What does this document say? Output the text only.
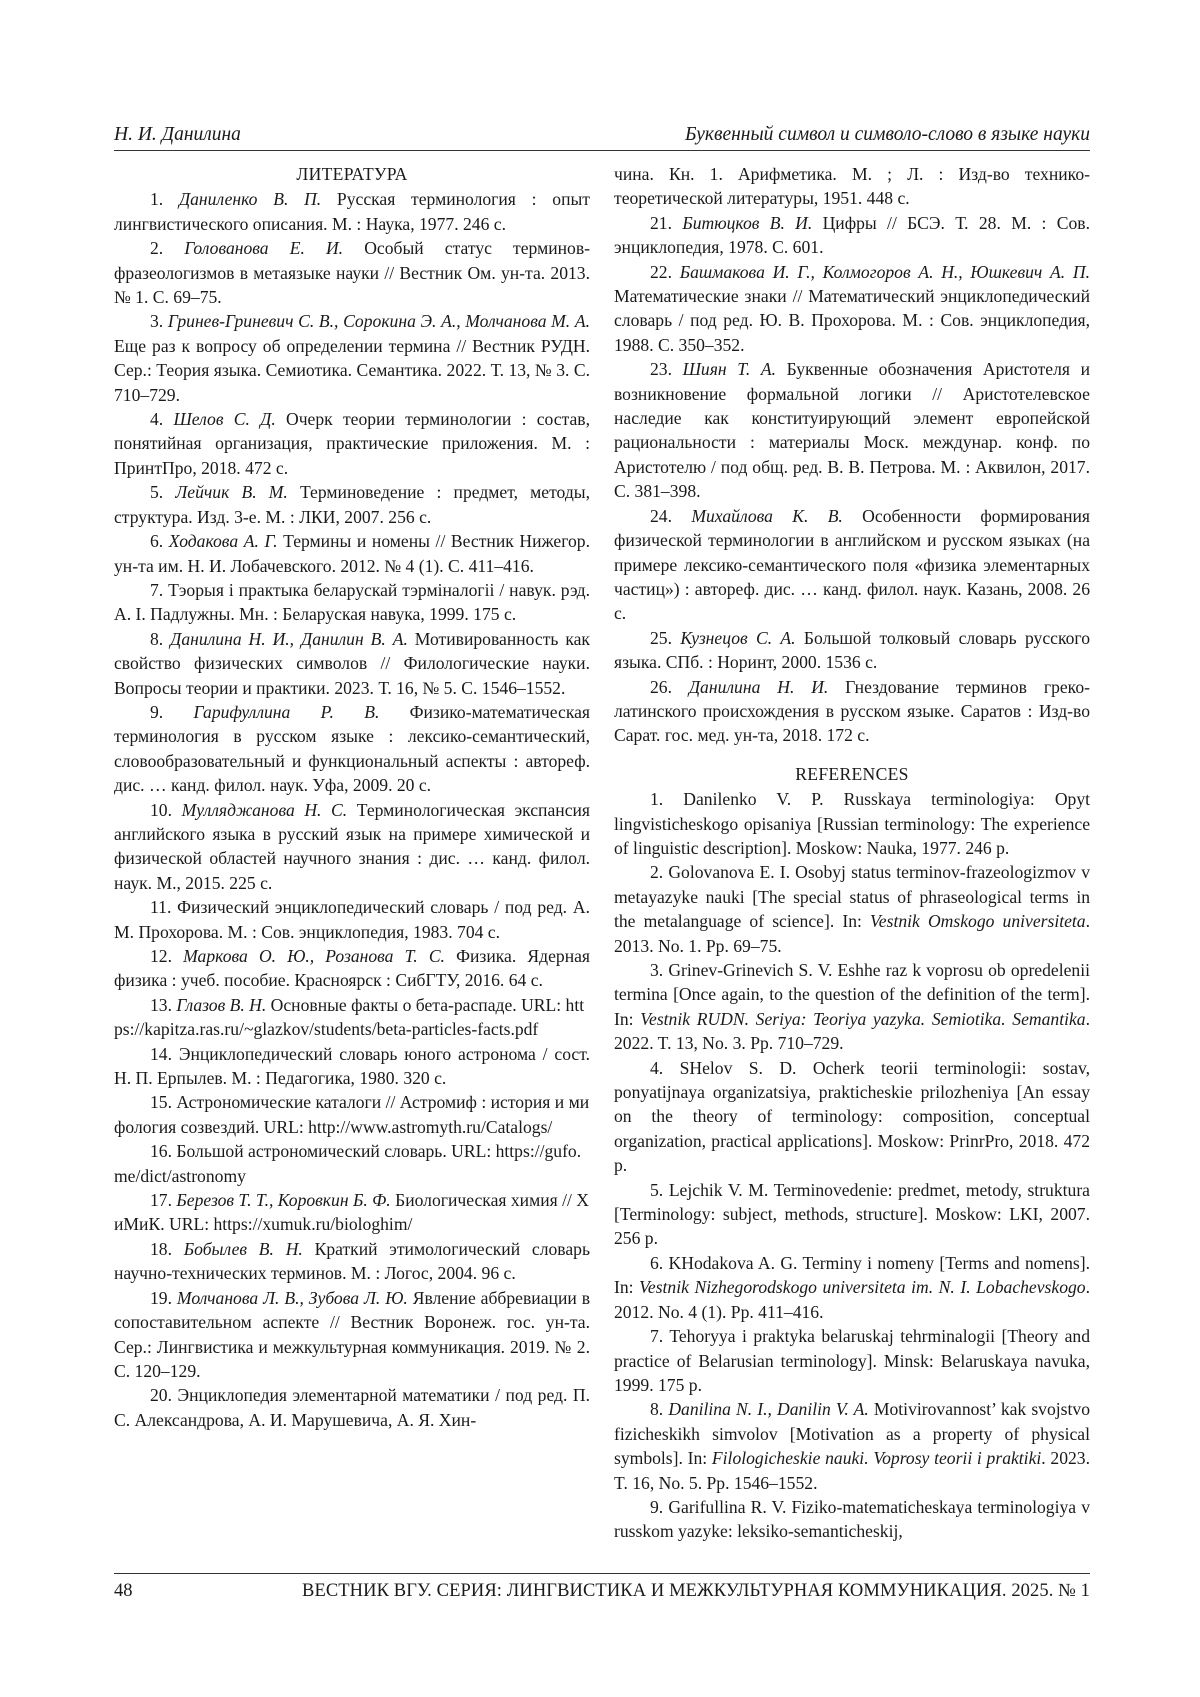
Н. И. Данилина	Буквенный символ и символо-слово в языке науки
ЛИТЕРАТУРА

1. Даниленко В. П. Русская терминология : опыт лингвистического описания. М. : Наука, 1977. 246 с.

2. Голованова Е. И. Особый статус терминов-фразеологизмов в метаязыке науки // Вестник Ом. ун-та. 2013. № 1. С. 69–75.

3. Гринев-Гриневич С. В., Сорокина Э. А., Молчанова М. А. Еще раз к вопросу об определении термина // Вестник РУДН. Сер.: Теория языка. Семиотика. Семантика. 2022. Т. 13, № 3. С. 710–729.

4. Шелов С. Д. Очерк теории терминологии : состав, понятийная организация, практические приложения. М. : ПринтПро, 2018. 472 с.

5. Лейчик В. М. Терминоведение : предмет, методы, структура. Изд. 3-е. М. : ЛКИ, 2007. 256 с.

6. Ходакова А. Г. Термины и номены // Вестник Нижегор. ун-та им. Н. И. Лобачевского. 2012. № 4 (1). С. 411–416.

7. Тэорыя і практыка беларускай тэрміналогіі / навук. рэд. А. І. Падлужны. Мн. : Беларуская навука, 1999. 175 с.

8. Данилина Н. И., Данилин В. А. Мотивированность как свойство физических символов // Филологические науки. Вопросы теории и практики. 2023. Т. 16, № 5. С. 1546–1552.

9. Гарифуллина Р. В. Физико-математическая терминология в русском языке : лексико-семантический, словообразовательный и функциональный аспекты : автореф. дис. … канд. филол. наук. Уфа, 2009. 20 с.

10. Мулляджанова Н. С. Терминологическая экспансия английского языка в русский язык на примере химической и физической областей научного знания : дис. … канд. филол. наук. М., 2015. 225 с.

11. Физический энциклопедический словарь / под ред. А. М. Прохорова. М. : Сов. энциклопедия, 1983. 704 с.

12. Маркова О. Ю., Розанова Т. С. Физика. Ядерная физика : учеб. пособие. Красноярск : СибГТУ, 2016. 64 с.

13. Глазов В. Н. Основные факты о бета-распаде. URL: https://kapitza.ras.ru/~glazkov/students/beta-particles-facts.pdf

14. Энциклопедический словарь юного астронома / сост. Н. П. Ерпылев. М. : Педагогика, 1980. 320 с.

15. Астрономические каталоги // Астромиф : история и мифология созвездий. URL: http://www.astromyth.ru/Catalogs/

16. Большой астрономический словарь. URL: https://gufo.me/dict/astronomy

17. Березов Т. Т., Коровкин Б. Ф. Биологическая химия // ХиМиК. URL: https://xumuk.ru/biologhim/

18. Бобылев В. Н. Краткий этимологический словарь научно-технических терминов. М. : Логос, 2004. 96 с.

19. Молчанова Л. В., Зубова Л. Ю. Явление аббревиации в сопоставительном аспекте // Вестник Воронеж. гос. ун-та. Сер.: Лингвистика и межкультурная коммуникация. 2019. № 2. С. 120–129.

20. Энциклопедия элементарной математики / под ред. П. С. Александрова, А. И. Марушевича, А. Я. Хин-

чина. Кн. 1. Арифметика. М. ; Л. : Изд-во технико-теоретической литературы, 1951. 448 с.

21. Битюцков В. И. Цифры // БСЭ. Т. 28. М. : Сов. энциклопедия, 1978. С. 601.

22. Башмакова И. Г., Колмогоров А. Н., Юшкевич А. П. Математические знаки // Математический энциклопедический словарь / под ред. Ю. В. Прохорова. М. : Сов. энциклопедия, 1988. С. 350–352.

23. Шиян Т. А. Буквенные обозначения Аристотеля и возникновение формальной логики // Аристотелевское наследие как конституирующий элемент европейской рациональности : материалы Моск. междунар. конф. по Аристотелю / под общ. ред. В. В. Петрова. М. : Аквилон, 2017. С. 381–398.

24. Михайлова К. В. Особенности формирования физической терминологии в английском и русском языках (на примере лексико-семантического поля «физика элементарных частиц») : автореф. дис. … канд. филол. наук. Казань, 2008. 26 с.

25. Кузнецов С. А. Большой толковый словарь русского языка. СПб. : Норинт, 2000. 1536 с.

26. Данилина Н. И. Гнездование терминов греко-латинского происхождения в русском языке. Саратов : Изд-во Сарат. гос. мед. ун-та, 2018. 172 с.

REFERENCES

1. Danilenko V. P. Russkaya terminologiya: Opyt lingvisticheskogo opisaniya [Russian terminology: The experience of linguistic description]. Moskow: Nauka, 1977. 246 p.

2. Golovanova E. I. Osobyj status terminov-frazeologizmov v metayazyke nauki [The special status of phraseological terms in the metalanguage of science]. In: Vestnik Omskogo universiteta. 2013. No. 1. Pp. 69–75.

3. Grinev-Grinevich S. V. Eshhe raz k voprosu ob opredelenii termina [Once again, to the question of the definition of the term]. In: Vestnik RUDN. Seriya: Teoriya yazyka. Semiotika. Semantika. 2022. T. 13, No. 3. Pp. 710–729.

4. SHelov S. D. Ocherk teorii terminologii: sostav, ponyatijnaya organizatsiya, prakticheskie prilozheniya [An essay on the theory of terminology: composition, conceptual organization, practical applications]. Moskow: PrinrPro, 2018. 472 p.

5. Lejchik V. M. Terminovedenie: predmet, metody, struktura [Terminology: subject, methods, structure]. Moskow: LKI, 2007. 256 p.

6. KHodakova A. G. Terminy i nomeny [Terms and nomens]. In: Vestnik Nizhegorodskogo universiteta im. N. I. Lobachevskogo. 2012. No. 4 (1). Pp. 411–416.

7. Tehoryya i praktyka belaruskaj tehrminalogii [Theory and practice of Belarusian terminology]. Minsk: Belaruskaya navuka, 1999. 175 p.

8. Danilina N. I., Danilin V. A. Motivirovannost’ kak svojstvo fizicheskikh simvolov [Motivation as a property of physical symbols]. In: Filologicheskie nauki. Voprosy teorii i praktiki. 2023. T. 16, No. 5. Pp. 1546–1552.

9. Garifullina R. V. Fiziko-matematicheskaya terminologiya v russkom yazyke: leksiko-semanticheskij,

48	ВЕСТНИК ВГУ. СЕРИЯ: ЛИНГВИСТИКА И МЕЖКУЛЬТУРНАЯ КОММУНИКАЦИЯ. 2025. № 1
